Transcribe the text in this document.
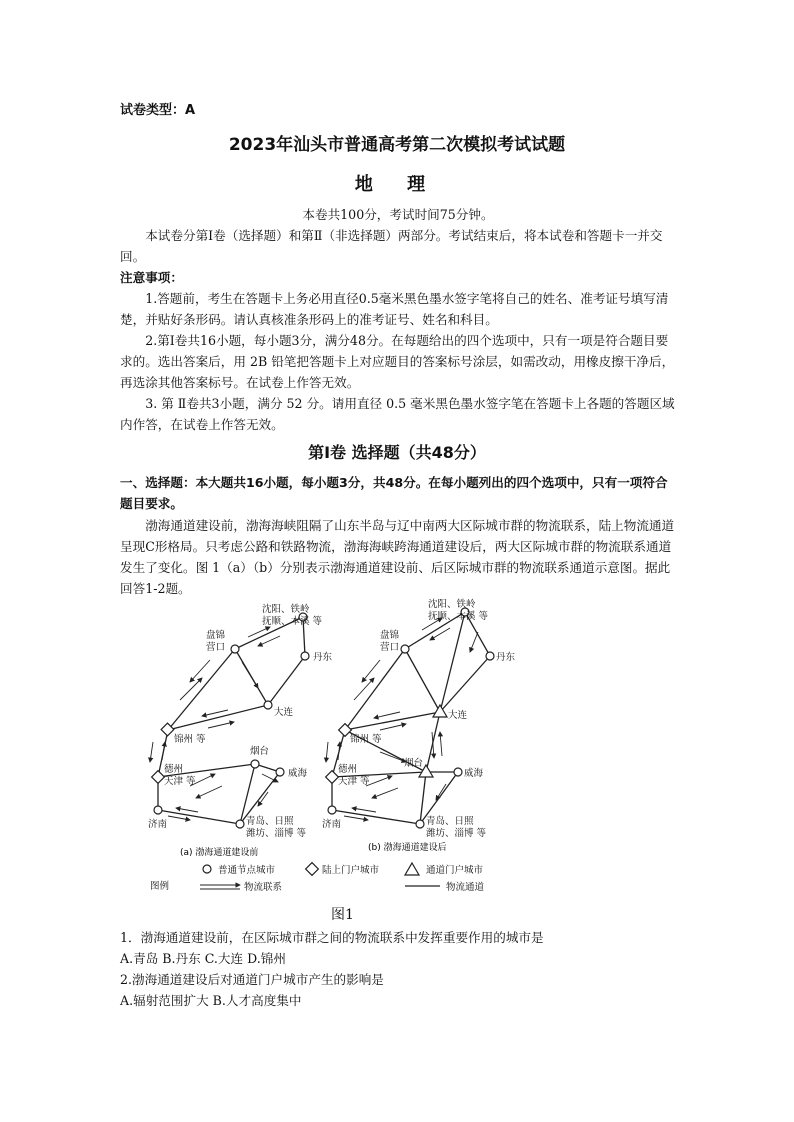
试卷类型：A
2023年汕头市普通高考第二次模拟考试试题
地 理

本卷共100分，考试时间75分钟。

本试卷分第Ⅰ卷（选择题）和第Ⅱ（非选择题）两部分。考试结束后，将本试卷和答题卡一并交回。

注意事项：

1.答题前，考生在答题卡上务必用直径0.5毫米黑色墨水签字笔将自己的姓名、准考证号填写清楚，并贴好条形码。请认真核准条形码上的准考证号、姓名和科目。

2.第Ⅰ卷共16小题，每小题3分，满分48分。在每题给出的四个选项中，只有一项是符合题目要求的。选出答案后，用 2B 铅笔把答题卡上对应题目的答案标号涂层，如需改动，用橡皮擦干净后，再选涂其他答案标号。在试卷上作答无效。

3. 第 Ⅱ卷共3小题，满分 52 分。请用直径 0.5 毫米黑色墨水签字笔在答题卡上各题的答题区域内作答，在试卷上作答无效。

第Ⅰ卷 选择题（共48分）

一、选择题：本大题共16小题，每小题3分，共48分。在每小题列出的四个选项中，只有一项符合题目要求。

渤海通道建设前，渤海海峡阻隔了山东半岛与辽中南两大区际城市群的物流联系，陆上物流通道呈现C形格局。只考虑公路和铁路物流，渤海海峡跨海通道建设后，两大区际城市群的物流联系通道发生了变化。图 1（a）（b）分别表示渤海通道建设前、后区际城市群的物流联系通道示意图。据此回答1-2题。

沈阳、铁岭
抚顺、本溪 等
盘锦
营口
丹东
大连
锦州 等
烟台
威海
德州
天津 等
济南	青岛、日照
潍坊、淄博 等
(a) 渤海通道建设前
沈阳、铁岭
抚顺、本溪 等
盘锦
营口
丹东
大连
锦州 等
烟台
威海
德州
天津 等
济南	青岛、日照
潍坊、淄博 等
(b) 渤海通道建设后
普通节点城市	陆上门户城市	通道门户城市
图例	物流联系	物流通道
图1
1．渤海通道建设前，在区际城市群之间的物流联系中发挥重要作用的城市是
A.青岛 B.丹东 C.大连 D.锦州
2.渤海通道建设后对通道门户城市产生的影响是
A.辐射范围扩大 B.人才高度集中
